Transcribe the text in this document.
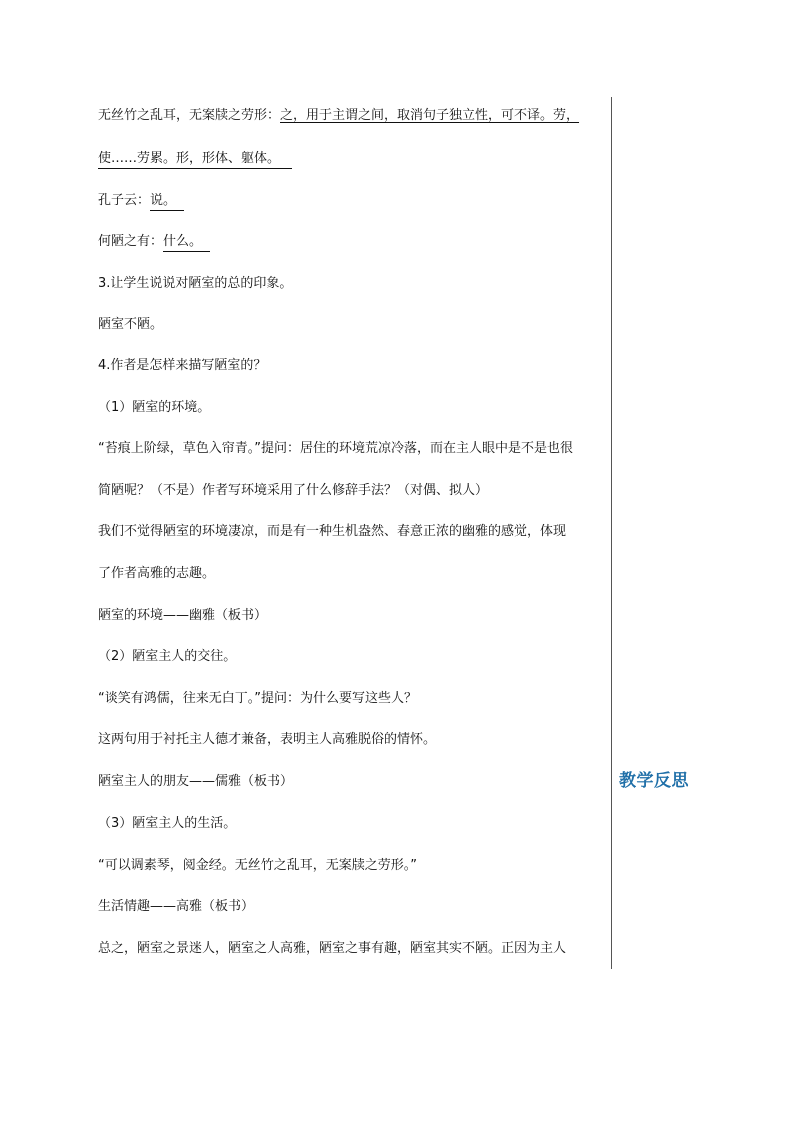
无丝竹之乱耳，无案牍之劳形：之，用于主谓之间，取消句子独立性，可不译。劳，
使……劳累。形，形体、躯体。
孔子云：说。
何陋之有：什么。
3.让学生说说对陋室的总的印象。
陋室不陋。
4.作者是怎样来描写陋室的？
（1）陋室的环境。
“苔痕上阶绿，草色入帘青。”提问：居住的环境荒凉冷落，而在主人眼中是不是也很
简陋呢？（不是）作者写环境采用了什么修辞手法？（对偶、拟人）
我们不觉得陋室的环境凄凉，而是有一种生机盎然、春意正浓的幽雅的感觉，体现
了作者高雅的志趣。
陋室的环境——幽雅（板书）
（2）陋室主人的交往。
“谈笑有鸿儒，往来无白丁。”提问：为什么要写这些人？
这两句用于衬托主人德才兼备，表明主人高雅脱俗的情怀。
陋室主人的朋友——儒雅（板书）
（3）陋室主人的生活。
“可以调素琴，阅金经。无丝竹之乱耳，无案牍之劳形。”
生活情趣——高雅（板书）
总之，陋室之景迷人，陋室之人高雅，陋室之事有趣，陋室其实不陋。正因为主人
教学反思
